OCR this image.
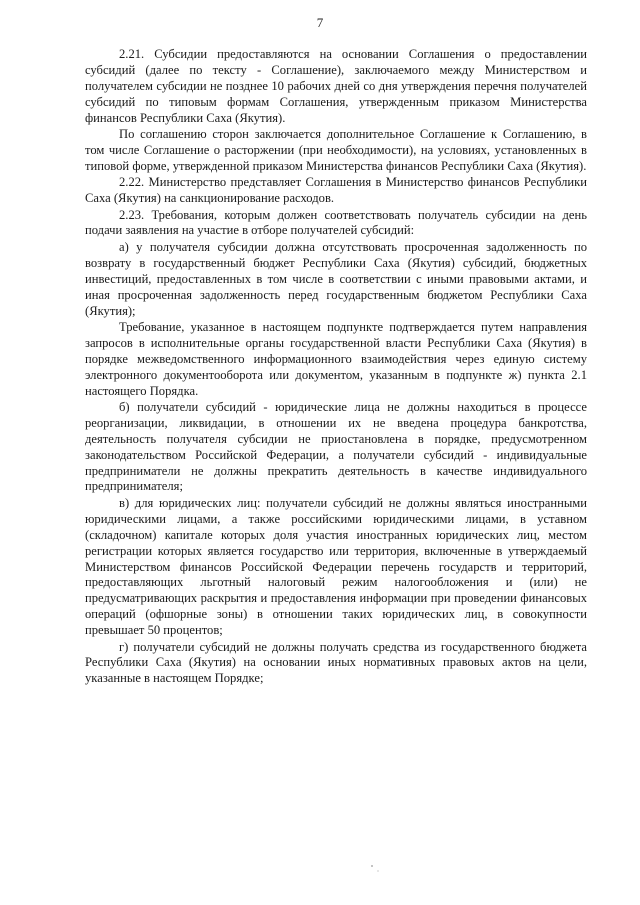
7

2.21. Субсидии предоставляются на основании Соглашения о предоставлении субсидий (далее по тексту - Соглашение), заключаемого между Министерством и получателем субсидии не позднее 10 рабочих дней со дня утверждения перечня получателей субсидий по типовым формам Соглашения, утвержденным приказом Министерства финансов Республики Саха (Якутия).

По соглашению сторон заключается дополнительное Соглашение к Соглашению, в том числе Соглашение о расторжении (при необходимости), на условиях, установленных в типовой форме, утвержденной приказом Министерства финансов Республики Саха (Якутия).

2.22. Министерство представляет Соглашения в Министерство финансов Республики Саха (Якутия) на санкционирование расходов.

2.23. Требования, которым должен соответствовать получатель субсидии на день подачи заявления на участие в отборе получателей субсидий:

а) у получателя субсидии должна отсутствовать просроченная задолженность по возврату в государственный бюджет Республики Саха (Якутия) субсидий, бюджетных инвестиций, предоставленных в том числе в соответствии с иными правовыми актами, и иная просроченная задолженность перед государственным бюджетом Республики Саха (Якутия);

Требование, указанное в настоящем подпункте подтверждается путем направления запросов в исполнительные органы государственной власти Республики Саха (Якутия) в порядке межведомственного информационного взаимодействия через единую систему электронного документооборота или документом, указанным в подпункте ж) пункта 2.1 настоящего Порядка.

б) получатели субсидий - юридические лица не должны находиться в процессе реорганизации, ликвидации, в отношении их не введена процедура банкротства, деятельность получателя субсидии не приостановлена в порядке, предусмотренном законодательством Российской Федерации, а получатели субсидий - индивидуальные предприниматели не должны прекратить деятельность в качестве индивидуального предпринимателя;

в) для юридических лиц: получатели субсидий не должны являться иностранными юридическими лицами, а также российскими юридическими лицами, в уставном (складочном) капитале которых доля участия иностранных юридических лиц, местом регистрации которых является государство или территория, включенные в утверждаемый Министерством финансов Российской Федерации перечень государств и территорий, предоставляющих льготный налоговый режим налогообложения и (или) не предусматривающих раскрытия и предоставления информации при проведении финансовых операций (офшорные зоны) в отношении таких юридических лиц, в совокупности превышает 50 процентов;

г) получатели субсидий не должны получать средства из государственного бюджета Республики Саха (Якутия) на основании иных нормативных правовых актов на цели, указанные в настоящем Порядке;
